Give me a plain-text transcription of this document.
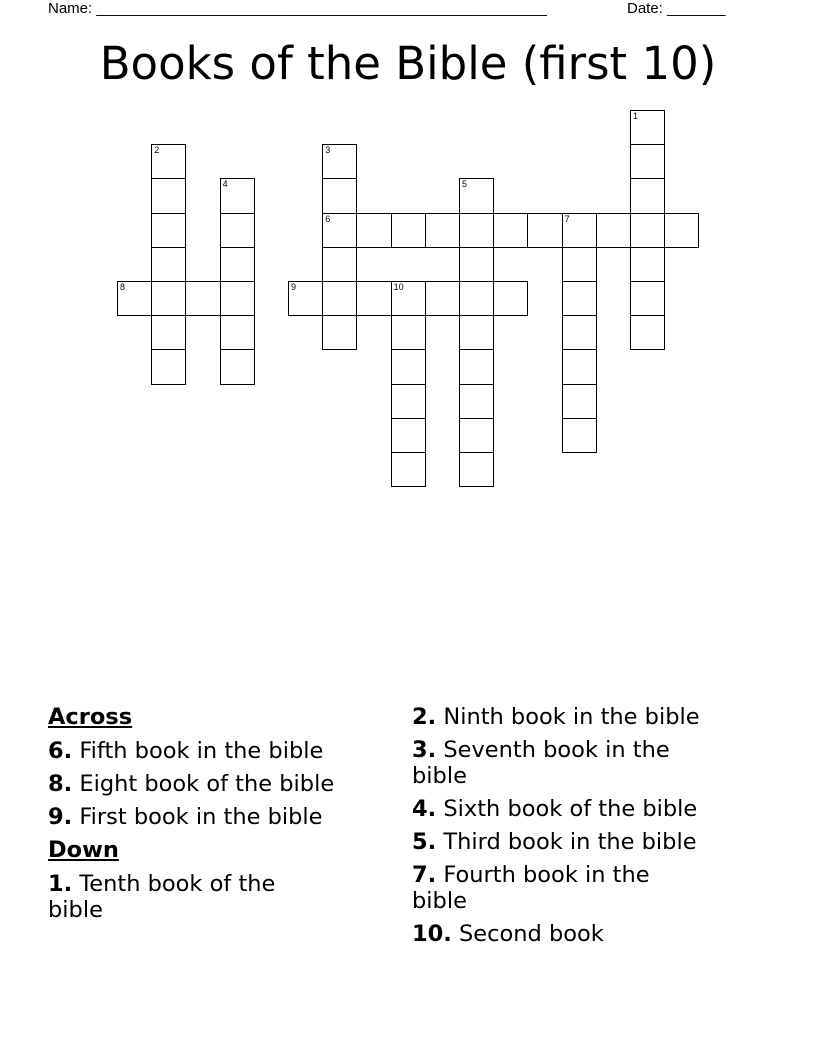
Name: ______________________________________________________	Date: _______
Books of the Bible (first 10)
1
2	3
6
4	5
7
8	9	10
Across
6. Fifth book in the bible
8. Eight book of the bible
9. First book in the bible
Down
1. Tenth book of the bible
2. Ninth book in the bible
3. Seventh book in the bible
4. Sixth book of the bible
5. Third book in the bible
7. Fourth book in the bible
10. Second book
